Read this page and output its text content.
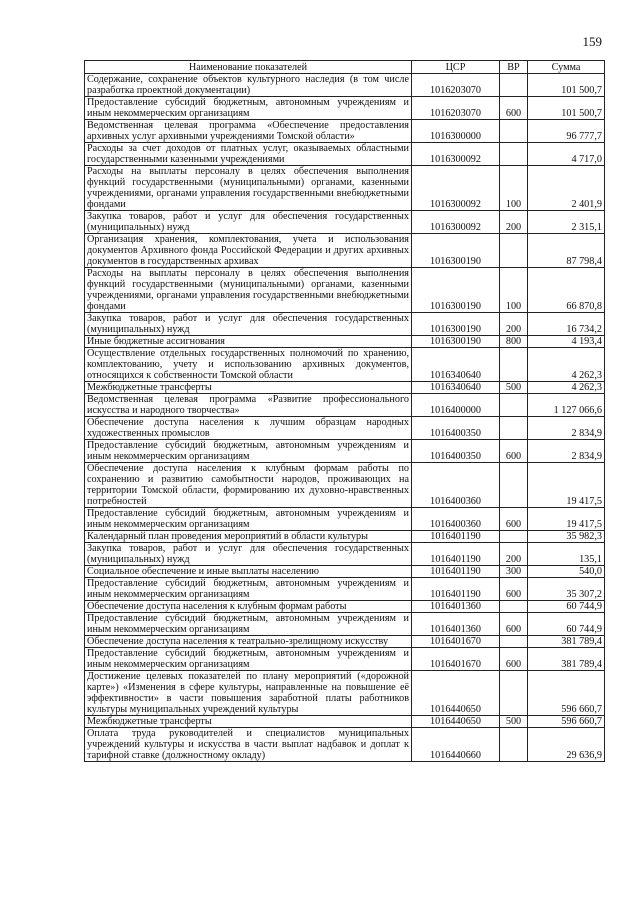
159
Наименование показателей	ЦСР	ВР	Сумма
Содержание, сохранение объектов культурного наследия (в том числе разработка проектной документации)	1016203070		101 500,7
Предоставление субсидий бюджетным, автономным учреждениям и иным некоммерческим организациям	1016203070	600	101 500,7
Ведомственная целевая программа «Обеспечение предоставления архивных услуг архивными учреждениями Томской области»	1016300000		96 777,7
Расходы за счет доходов от платных услуг, оказываемых областными государственными казенными учреждениями	1016300092		4 717,0
Расходы на выплаты персоналу в целях обеспечения выполнения функций государственными (муниципальными) органами, казенными учреждениями, органами управления государственными внебюджетными фондами	1016300092	100	2 401,9
Закупка товаров, работ и услуг для обеспечения государственных (муниципальных) нужд	1016300092	200	2 315,1
Организация хранения, комплектования, учета и использования документов Архивного фонда Российской Федерации и других архивных документов в государственных архивах	1016300190		87 798,4
Расходы на выплаты персоналу в целях обеспечения выполнения функций государственными (муниципальными) органами, казенными учреждениями, органами управления государственными внебюджетными фондами	1016300190	100	66 870,8
Закупка товаров, работ и услуг для обеспечения государственных (муниципальных) нужд	1016300190	200	16 734,2
Иные бюджетные ассигнования	1016300190	800	4 193,4
Осуществление отдельных государственных полномочий по хранению, комплектованию, учету и использованию архивных документов, относящихся к собственности Томской области	1016340640		4 262,3
Межбюджетные трансферты	1016340640	500	4 262,3
Ведомственная целевая программа «Развитие профессионального искусства и народного творчества»	1016400000		1 127 066,6
Обеспечение доступа населения к лучшим образцам народных художественных промыслов	1016400350		2 834,9
Предоставление субсидий бюджетным, автономным учреждениям и иным некоммерческим организациям	1016400350	600	2 834,9
Обеспечение доступа населения к клубным формам работы по сохранению и развитию самобытности народов, проживающих на территории Томской области, формированию их духовно-нравственных потребностей	1016400360		19 417,5
Предоставление субсидий бюджетным, автономным учреждениям и иным некоммерческим организациям	1016400360	600	19 417,5
Календарный план проведения мероприятий в области культуры	1016401190		35 982,3
Закупка товаров, работ и услуг для обеспечения государственных (муниципальных) нужд	1016401190	200	135,1
Социальное обеспечение и иные выплаты населению	1016401190	300	540,0
Предоставление субсидий бюджетным, автономным учреждениям и иным некоммерческим организациям	1016401190	600	35 307,2
Обеспечение доступа населения к клубным формам работы	1016401360		60 744,9
Предоставление субсидий бюджетным, автономным учреждениям и иным некоммерческим организациям	1016401360	600	60 744,9
Обеспечение доступа населения к театрально-зрелищному искусству	1016401670		381 789,4
Предоставление субсидий бюджетным, автономным учреждениям и иным некоммерческим организациям	1016401670	600	381 789,4
Достижение целевых показателей по плану мероприятий («дорожной карте») «Изменения в сфере культуры, направленные на повышение её эффективности» в части повышения заработной платы работников культуры муниципальных учреждений культуры	1016440650		596 660,7
Межбюджетные трансферты	1016440650	500	596 660,7
Оплата труда руководителей и специалистов муниципальных учреждений культуры и искусства в части выплат надбавок и доплат к тарифной ставке (должностному окладу)	1016440660		29 636,9
